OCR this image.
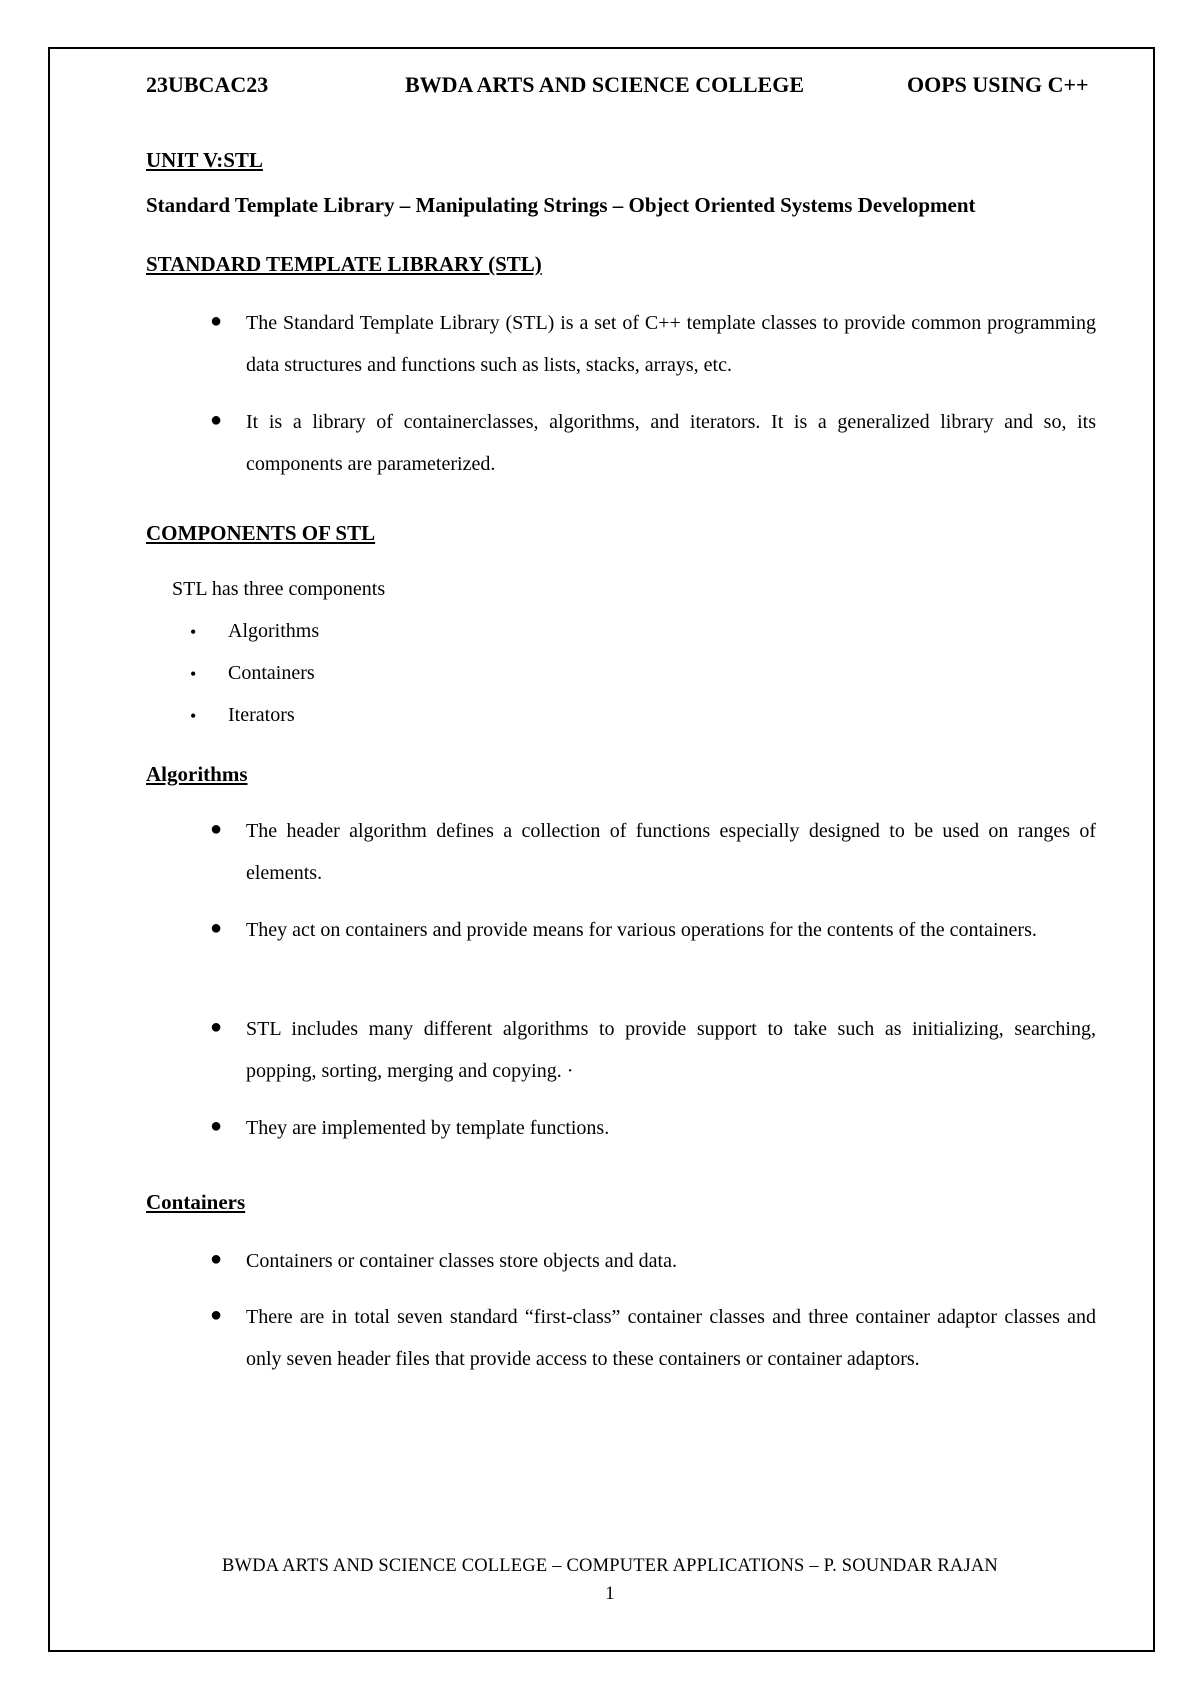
23UBCAC23	BWDA ARTS AND SCIENCE COLLEGE	OOPS USING C++
UNIT V:STL
Standard Template Library – Manipulating Strings – Object Oriented Systems Development
STANDARD TEMPLATE LIBRARY (STL)
● The Standard Template Library (STL) is a set of C++ template classes to provide common programming data structures and functions such as lists, stacks, arrays, etc.
● It is a library of containerclasses, algorithms, and iterators. It is a generalized library and so, its components are parameterized.
COMPONENTS OF STL
STL has three components
• Algorithms
• Containers
• Iterators
Algorithms
● The header algorithm defines a collection of functions especially designed to be used on ranges of elements.
● They act on containers and provide means for various operations for the contents of the containers.
● STL includes many different algorithms to provide support to take such as initializing, searching, popping, sorting, merging and copying. ·
● They are implemented by template functions.
Containers
● Containers or container classes store objects and data.
● There are in total seven standard “first-class” container classes and three container adaptor classes and only seven header files that provide access to these containers or container adaptors.
BWDA ARTS AND SCIENCE COLLEGE – COMPUTER APPLICATIONS – P. SOUNDAR RAJAN
1
